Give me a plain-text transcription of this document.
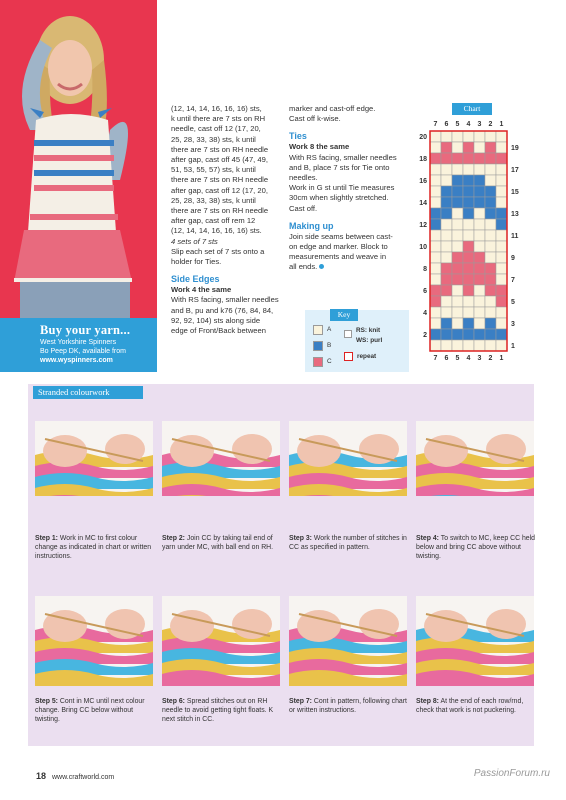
Buy your yarn...
West Yorkshire Spinners
Bo Peep DK, available from
www.wyspinners.com

(12, 14, 14, 16, 16, 16) sts,

k until there are 7 sts on RH

needle, cast off 12 (17, 20,

25, 28, 33, 38) sts, k until

there are 7 sts on RH needle

after gap, cast off 45 (47, 49,

51, 53, 55, 57) sts, k until

there are 7 sts on RH needle

after gap, cast off 12 (17, 20,

25, 28, 33, 38) sts, k until

there are 7 sts on RH needle

after gap, cast off rem 12

(12, 14, 14, 16, 16, 16) sts.

4 sets of 7 sts

Slip each set of 7 sts onto a

holder for Ties.

Side Edges

Work 4 the same

With RS facing, smaller needles

and B, pu and k76 (76, 84, 84,

92, 92, 104) sts along side

edge of Front/Back between

marker and cast-off edge.

Cast off k-wise.

Ties

Work 8 the same

With RS facing, smaller needles

and B, place 7 sts for Tie onto

needles.

Work in G st until Tie measures

30cm when slightly stretched.

Cast off.

Making up

Join side seams between cast-

on edge and marker. Block to

measurements and weave in

all ends.

Key
A
B
C
RS: knit
WS: purl
repeat
Chart
7
7
6
6
5
5
4
4
3
3
2
2
1
1
20
18
16
14
12
10
8
6
4
2
19
17
15
13
11
9
7
5
3
1
Stranded colourwork
Step 1: Work in MC to first colour change as indicated in chart or written instructions.
Step 2: Join CC by taking tail end of yarn under MC, with ball end on RH.
Step 3: Work the number of stitches in CC as specified in pattern.
Step 4: To switch to MC, keep CC held below and bring CC above without twisting.
Step 5: Cont in MC until next colour change. Bring CC below without twisting.
Step 6: Spread stitches out on RH needle to avoid getting tight floats. K next stitch in CC.
Step 7: Cont in pattern, following chart or written instructions.
Step 8: At the end of each row/rnd, check that work is not puckering.
18 www.craftworld.com	PassionForum.ru
